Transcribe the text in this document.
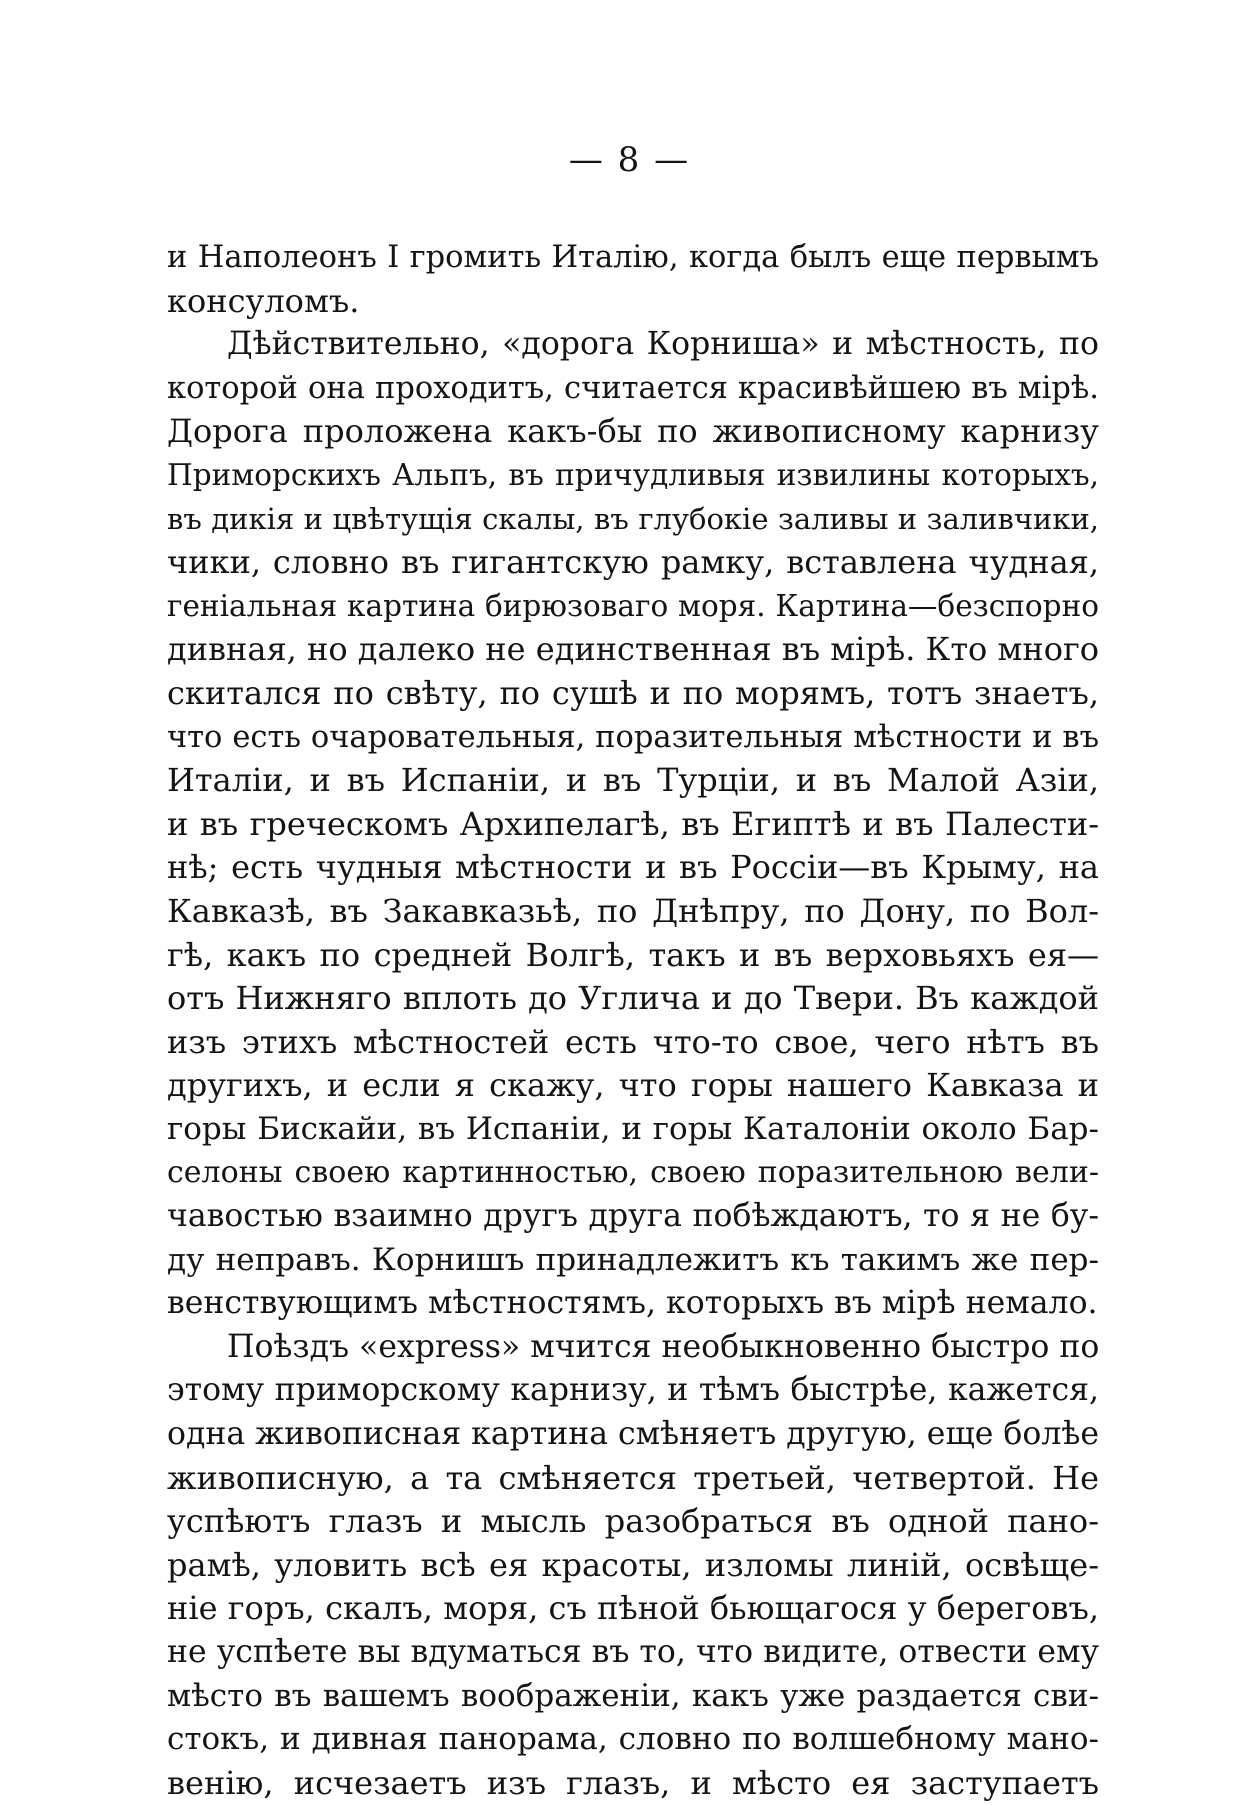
— 8 —
и Наполеонъ I громить Италію, когда былъ еще первымъ
консуломъ.
Дѣйствительно, «дорога Корниша» и мѣстность, по
которой она проходитъ, считается красивѣйшею въ мірѣ.
Дорога проложена какъ-бы по живописному карнизу
Приморскихъ Альпъ, въ причудливыя извилины которыхъ,
въ дикія и цвѣтущія скалы, въ глубокіе заливы и заливчики,
чики, словно въ гигантскую рамку, вставлена чудная,
геніальная картина бирюзоваго моря. Картина—безспорно
дивная, но далеко не единственная въ мірѣ. Кто много
скитался по свѣту, по сушѣ и по морямъ, тотъ знаетъ,
что есть очаровательныя, поразительныя мѣстности и въ
Италіи, и въ Испаніи, и въ Турціи, и въ Малой Азіи,
и въ греческомъ Архипелагѣ, въ Египтѣ и въ Палести-
нѣ; есть чудныя мѣстности и въ Россіи—въ Крыму, на
Кавказѣ, въ Закавказьѣ, по Днѣпру, по Дону, по Вол-
гѣ, какъ по средней Волгѣ, такъ и въ верховьяхъ ея—
отъ Нижняго вплоть до Углича и до Твери. Въ каждой
изъ этихъ мѣстностей есть что-то свое, чего нѣтъ въ
другихъ, и если я скажу, что горы нашего Кавказа и
горы Бискайи, въ Испаніи, и горы Каталоніи около Бар-
селоны своею картинностью, своею поразительною вели-
чавостью взаимно другъ друга побѣждаютъ, то я не бу-
ду неправъ. Корнишъ принадлежитъ къ такимъ же пер-
венствующимъ мѣстностямъ, которыхъ въ мірѣ немало.
Поѣздъ «express» мчится необыкновенно быстро по
этому приморскому карнизу, и тѣмъ быстрѣе, кажется,
одна живописная картина смѣняетъ другую, еще болѣе
живописную, а та смѣняется третьей, четвертой. Не
успѣютъ глазъ и мысль разобраться въ одной пано-
рамѣ, уловить всѣ ея красоты, изломы линій, освѣще-
ніе горъ, скалъ, моря, съ пѣной бьющагося у береговъ,
не успѣете вы вдуматься въ то, что видите, отвести ему
мѣсто въ вашемъ воображеніи, какъ уже раздается сви-
стокъ, и дивная панорама, словно по волшебному мано-
венію, исчезаетъ изъ глазъ, и мѣсто ея заступаетъ
